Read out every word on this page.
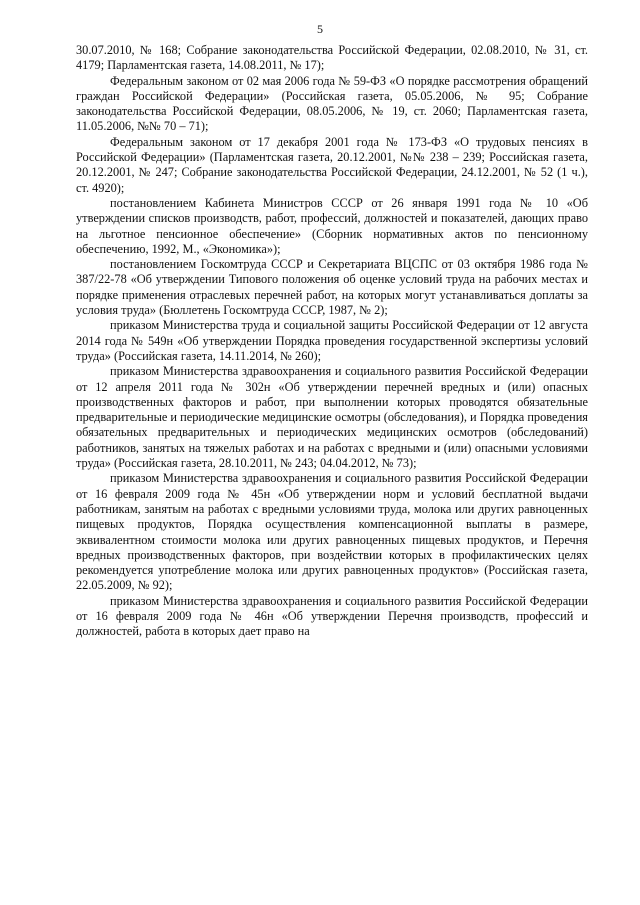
5

30.07.2010, № 168; Собрание законодательства Российской Федерации, 02.08.2010, № 31, ст. 4179; Парламентская газета, 14.08.2011, № 17);

Федеральным законом от 02 мая 2006 года № 59-ФЗ «О порядке рассмотрения обращений граждан Российской Федерации» (Российская газета, 05.05.2006, № 95; Собрание законодательства Российской Федерации, 08.05.2006, № 19, ст. 2060; Парламентская газета, 11.05.2006, №№ 70 – 71);

Федеральным законом от 17 декабря 2001 года № 173-ФЗ «О трудовых пенсиях в Российской Федерации» (Парламентская газета, 20.12.2001, №№ 238 – 239; Российская газета, 20.12.2001, № 247; Собрание законодательства Российской Федерации, 24.12.2001, № 52 (1 ч.), ст. 4920);

постановлением Кабинета Министров СССР от 26 января 1991 года № 10 «Об утверждении списков производств, работ, профессий, должностей и показателей, дающих право на льготное пенсионное обеспечение» (Сборник нормативных актов по пенсионному обеспечению, 1992, М., «Экономика»);

постановлением Госкомтруда СССР и Секретариата ВЦСПС от 03 октября 1986 года № 387/22-78 «Об утверждении Типового положения об оценке условий труда на рабочих местах и порядке применения отраслевых перечней работ, на которых могут устанавливаться доплаты за условия труда» (Бюллетень Госкомтруда СССР, 1987, № 2);

приказом Министерства труда и социальной защиты Российской Федерации от 12 августа 2014 года № 549н «Об утверждении Порядка проведения государственной экспертизы условий труда» (Российская газета, 14.11.2014, № 260);

приказом Министерства здравоохранения и социального развития Российской Федерации от 12 апреля 2011 года № 302н «Об утверждении перечней вредных и (или) опасных производственных факторов и работ, при выполнении которых проводятся обязательные предварительные и периодические медицинские осмотры (обследования), и Порядка проведения обязательных предварительных и периодических медицинских осмотров (обследований) работников, занятых на тяжелых работах и на работах с вредными и (или) опасными условиями труда» (Российская газета, 28.10.2011, № 243; 04.04.2012, № 73);

приказом Министерства здравоохранения и социального развития Российской Федерации от 16 февраля 2009 года № 45н «Об утверждении норм и условий бесплатной выдачи работникам, занятым на работах с вредными условиями труда, молока или других равноценных пищевых продуктов, Порядка осуществления компенсационной выплаты в размере, эквивалентном стоимости молока или других равноценных пищевых продуктов, и Перечня вредных производственных факторов, при воздействии которых в профилактических целях рекомендуется употребление молока или других равноценных продуктов» (Российская газета, 22.05.2009, № 92);

приказом Министерства здравоохранения и социального развития Российской Федерации от 16 февраля 2009 года № 46н «Об утверждении Перечня производств, профессий и должностей, работа в которых дает право на
